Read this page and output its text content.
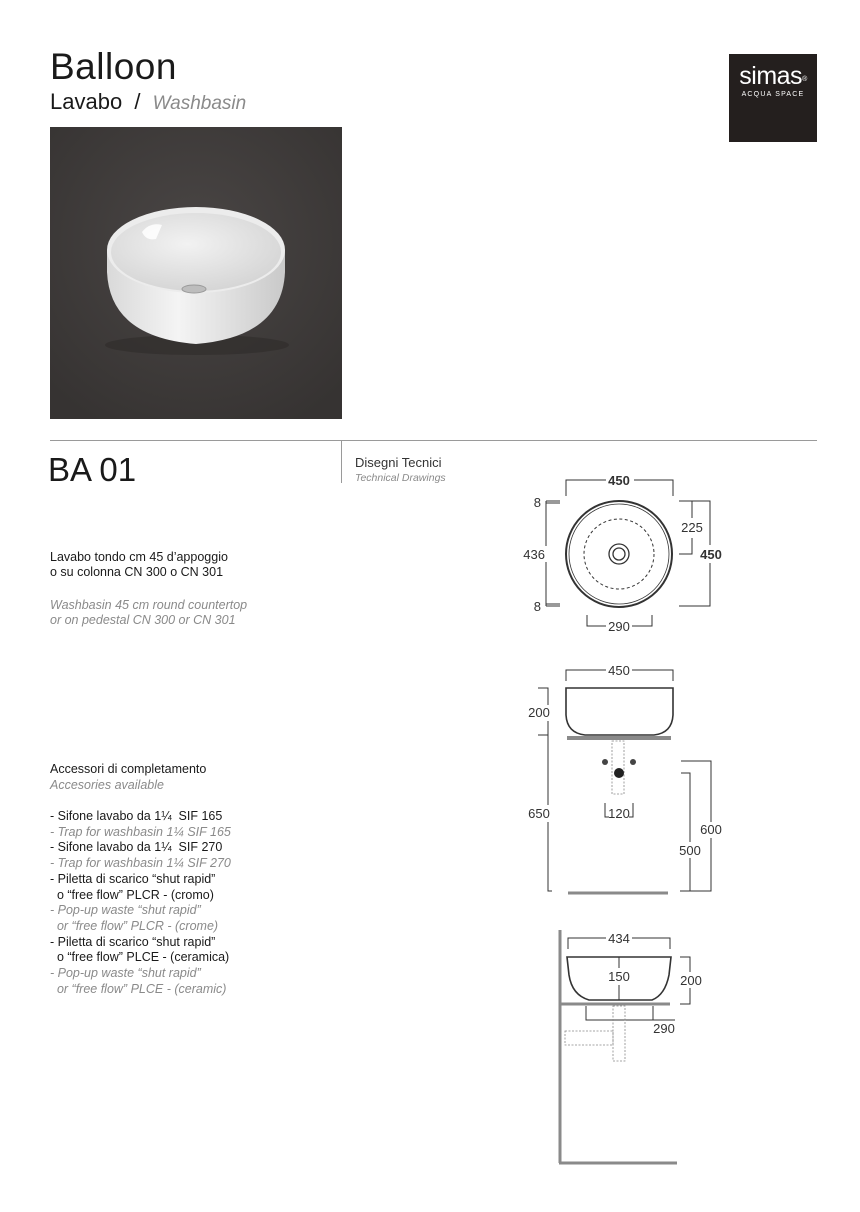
Balloon
Lavabo / Washbasin
simas®
ACQUA SPACE
BA 01	Disegni Tecnici
Technical Drawings
Lavabo tondo cm 45 d’appoggio
o su colonna CN 300 o CN 301
Washbasin 45 cm round countertop
or on pedestal CN 300 or CN 301
Accessori di completamento
Accesories available
- Sifone lavabo da 1¼  SIF 165
- Trap for washbasin 1¼ SIF 165
- Sifone lavabo da 1¼  SIF 270
- Trap for washbasin 1¼ SIF 270
- Piletta di scarico “shut rapid”
o “free flow” PLCR - (cromo)
- Pop-up waste “shut rapid”
or “free flow” PLCR - (crome)
- Piletta di scarico “shut rapid”
o “free flow” PLCE - (ceramica)
- Pop-up waste “shut rapid”
or “free flow” PLCE - (ceramic)
450
8
436
8
225
450
290
450
200
650	120
600
500
434
150	200
290
